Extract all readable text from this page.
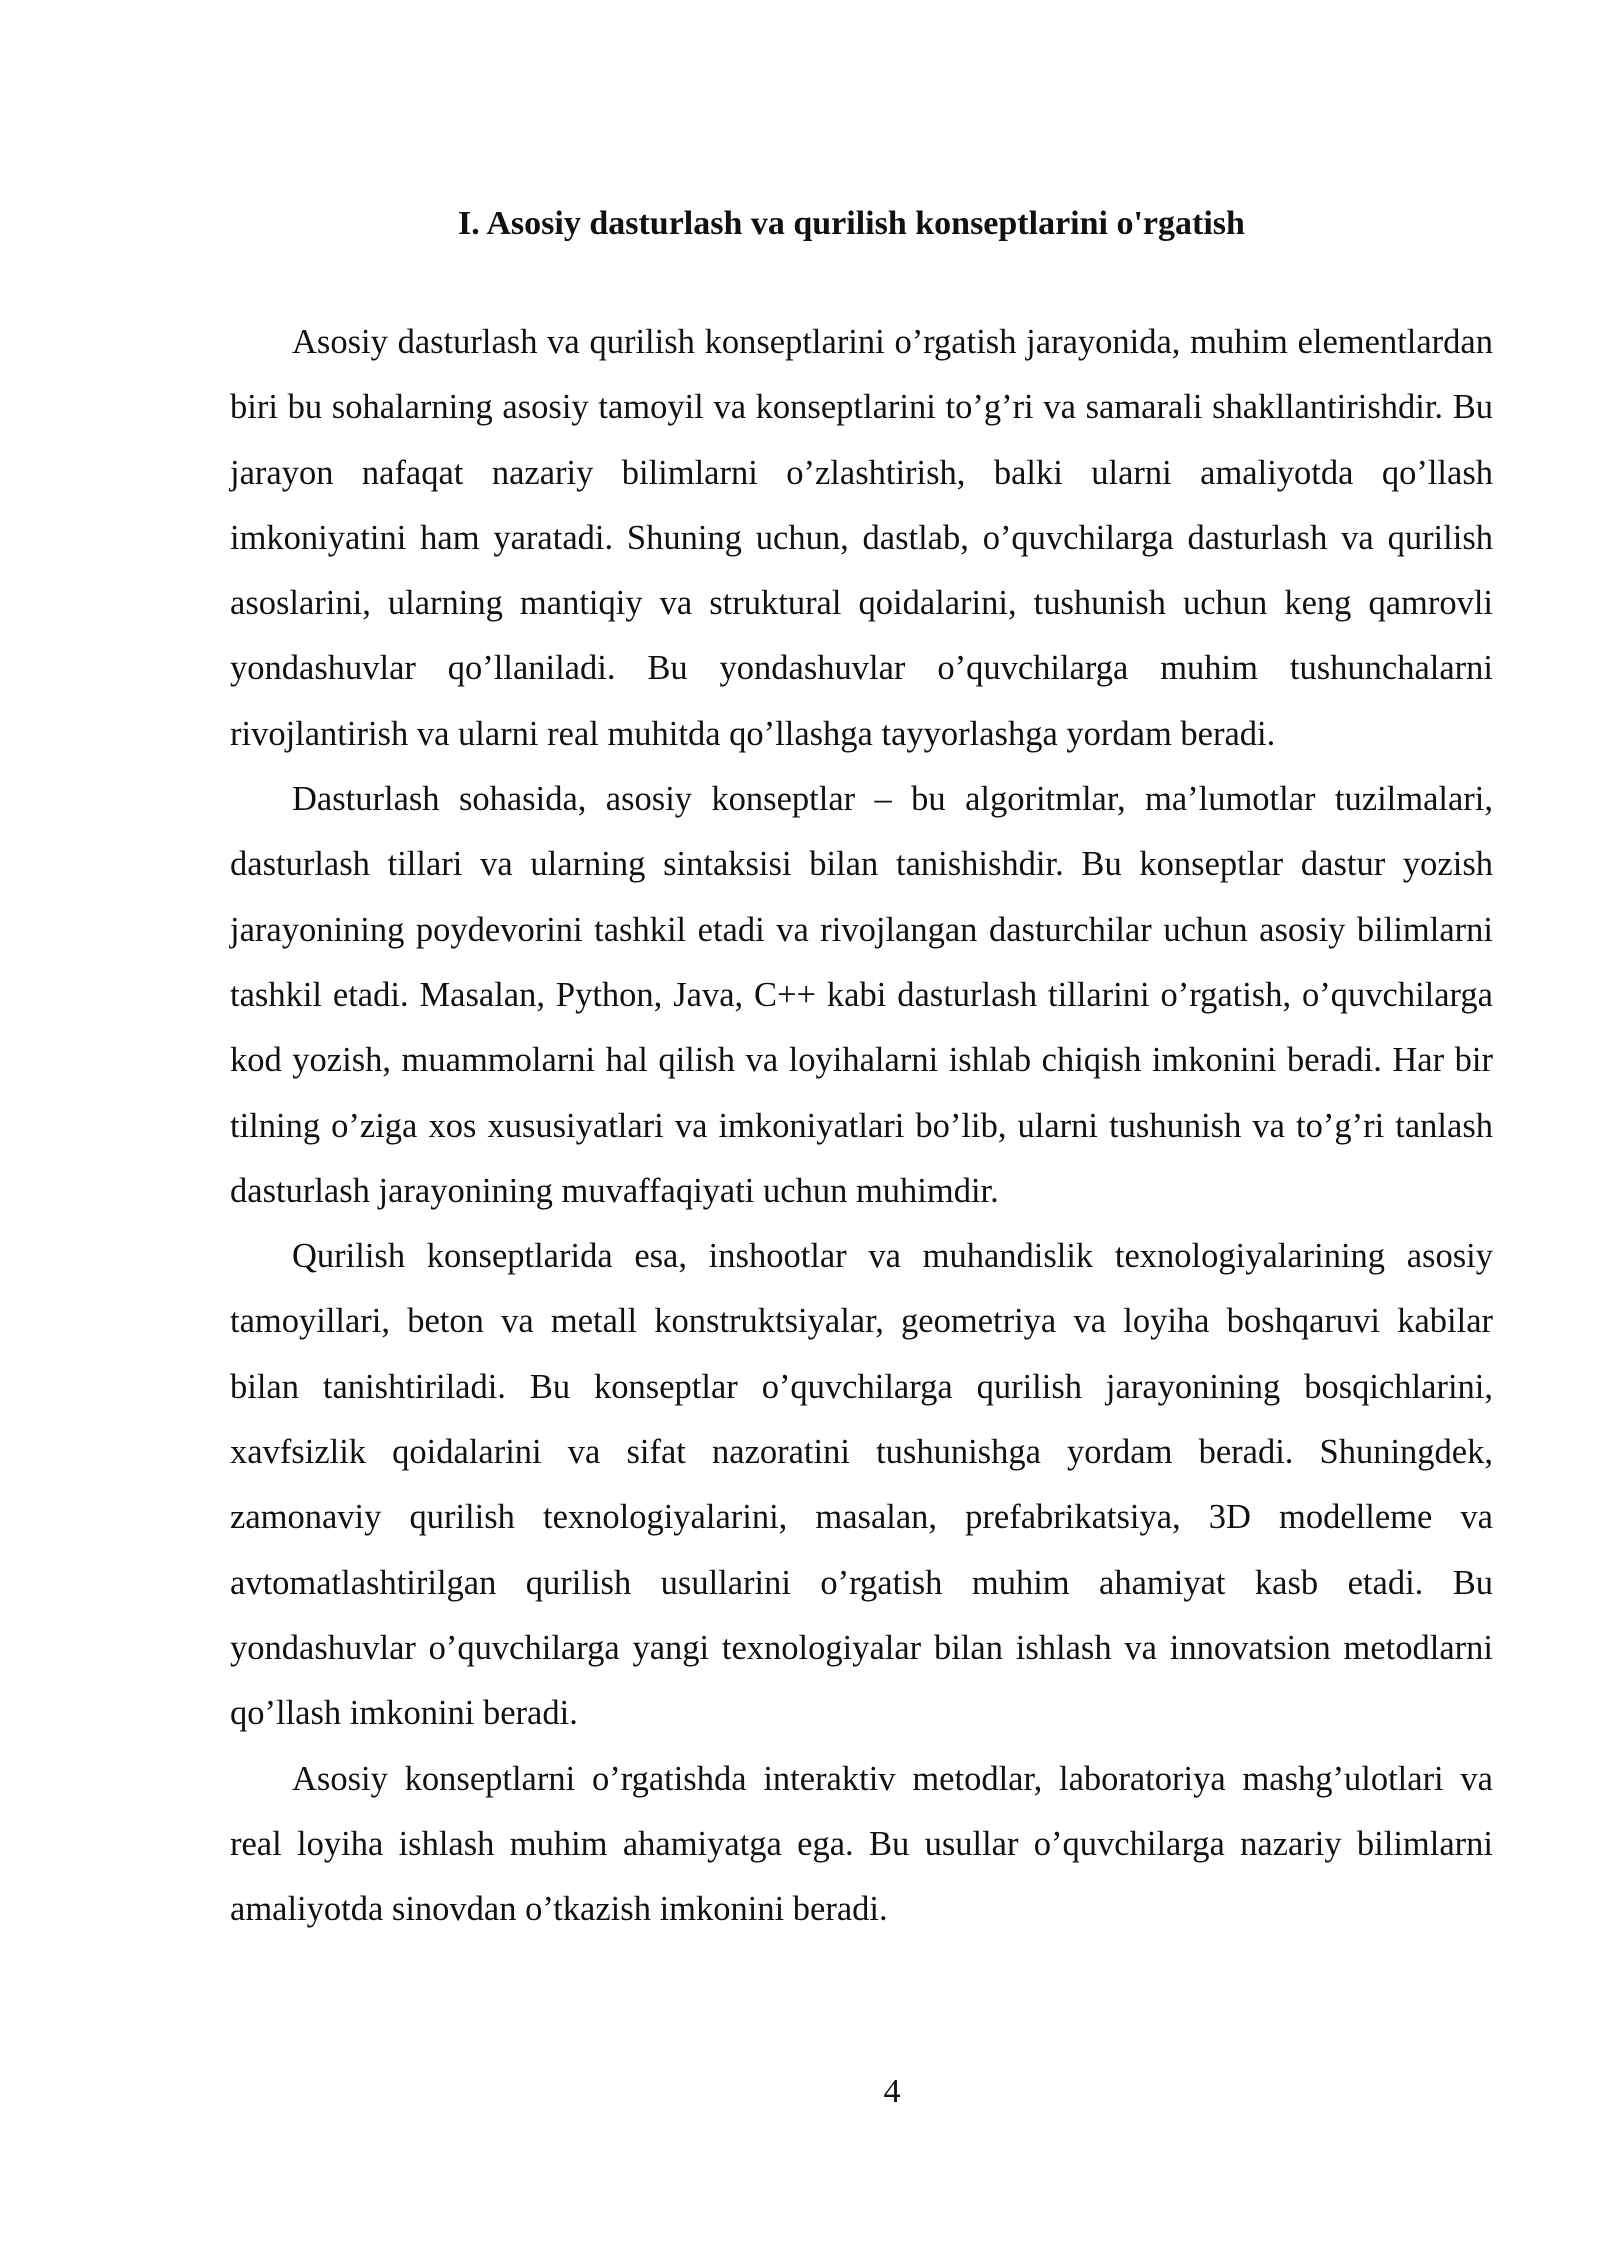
I. Asosiy dasturlash va qurilish konseptlarini o'rgatish

Asosiy dasturlash va qurilish konseptlarini o’rgatish jarayonida, muhim elementlardan biri bu sohalarning asosiy tamoyil va konseptlarini to’g’ri va samarali shakllantirishdir. Bu jarayon nafaqat nazariy bilimlarni o’zlashtirish, balki ularni amaliyotda qo’llash imkoniyatini ham yaratadi. Shuning uchun, dastlab, o’quvchilarga dasturlash va qurilish asoslarini, ularning mantiqiy va struktural qoidalarini, tushunish uchun keng qamrovli yondashuvlar qo’llaniladi. Bu yondashuvlar o’quvchilarga muhim tushunchalarni rivojlantirish va ularni real muhitda qo’llashga tayyorlashga yordam beradi.

Dasturlash sohasida, asosiy konseptlar – bu algoritmlar, ma’lumotlar tuzilmalari, dasturlash tillari va ularning sintaksisi bilan tanishishdir. Bu konseptlar dastur yozish jarayonining poydevorini tashkil etadi va rivojlangan dasturchilar uchun asosiy bilimlarni tashkil etadi. Masalan, Python, Java, C++ kabi dasturlash tillarini o’rgatish, o’quvchilarga kod yozish, muammolarni hal qilish va loyihalarni ishlab chiqish imkonini beradi. Har bir tilning o’ziga xos xususiyatlari va imkoniyatlari bo’lib, ularni tushunish va to’g’ri tanlash dasturlash jarayonining muvaffaqiyati uchun muhimdir.

Qurilish konseptlarida esa, inshootlar va muhandislik texnologiyalarining asosiy tamoyillari, beton va metall konstruktsiyalar, geometriya va loyiha boshqaruvi kabilar bilan tanishtiriladi. Bu konseptlar o’quvchilarga qurilish jarayonining bosqichlarini, xavfsizlik qoidalarini va sifat nazoratini tushunishga yordam beradi. Shuningdek, zamonaviy qurilish texnologiyalarini, masalan, prefabrikatsiya, 3D modelleme va avtomatlashtirilgan qurilish usullarini o’rgatish muhim ahamiyat kasb etadi. Bu yondashuvlar o’quvchilarga yangi texnologiyalar bilan ishlash va innovatsion metodlarni qo’llash imkonini beradi.

Asosiy konseptlarni o’rgatishda interaktiv metodlar, laboratoriya mashg’ulotlari va real loyiha ishlash muhim ahamiyatga ega. Bu usullar o’quvchilarga nazariy bilimlarni amaliyotda sinovdan o’tkazish imkonini beradi.

4
